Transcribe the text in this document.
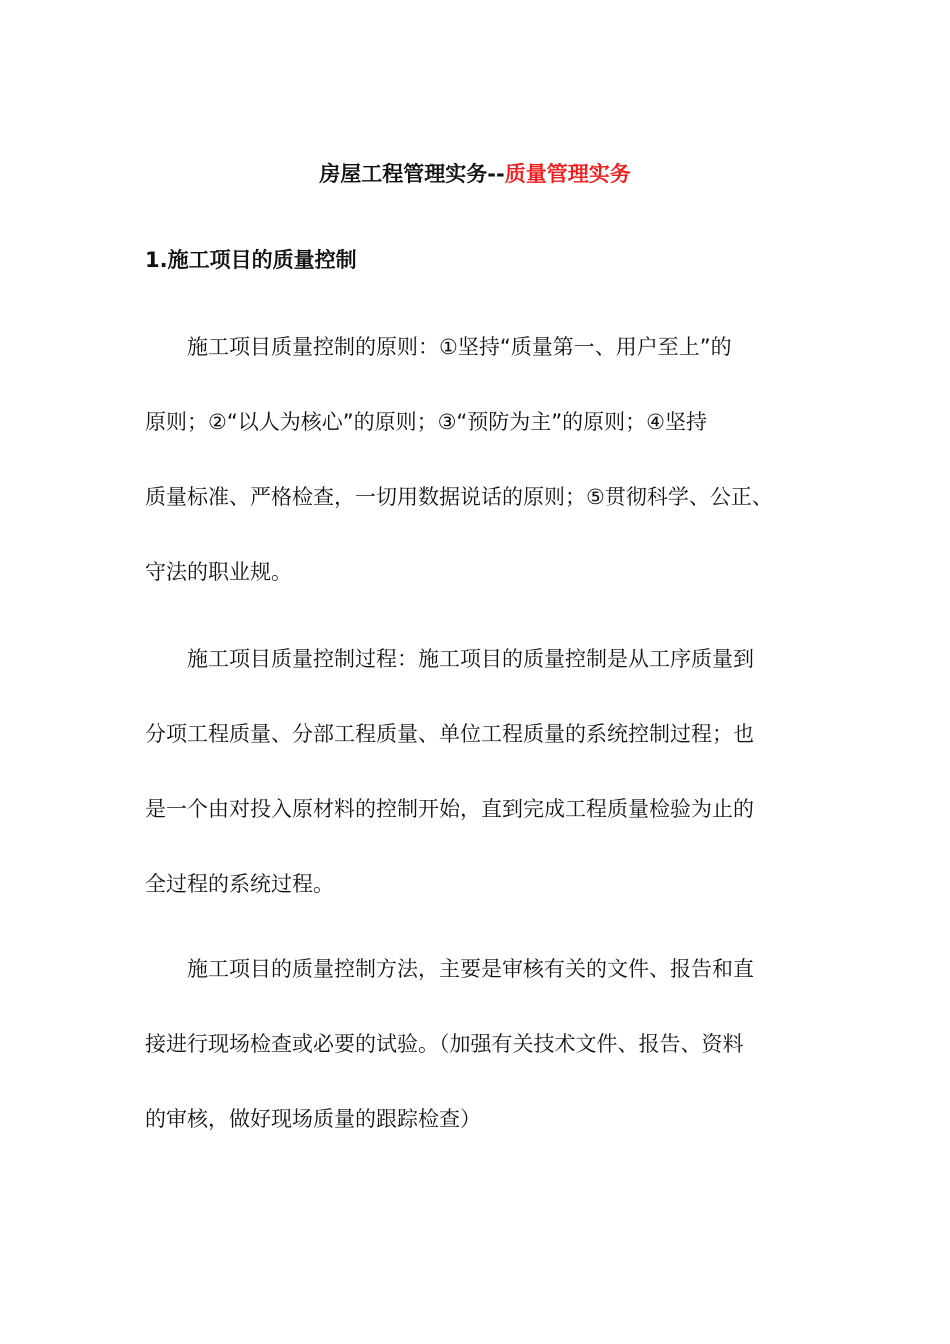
房屋工程管理实务--质量管理实务
1.施工项目的质量控制
施工项目质量控制的原则：①坚持“质量第一、用户至上”的
原则；②“以人为核心”的原则；③“预防为主”的原则；④坚持
质量标准、严格检查，一切用数据说话的原则；⑤贯彻科学、公正、
守法的职业规。
施工项目质量控制过程：施工项目的质量控制是从工序质量到
分项工程质量、分部工程质量、单位工程质量的系统控制过程；也
是一个由对投入原材料的控制开始，直到完成工程质量检验为止的
全过程的系统过程。
施工项目的质量控制方法，主要是审核有关的文件、报告和直
接进行现场检查或必要的试验。（加强有关技术文件、报告、资料
的审核，做好现场质量的跟踪检查）
